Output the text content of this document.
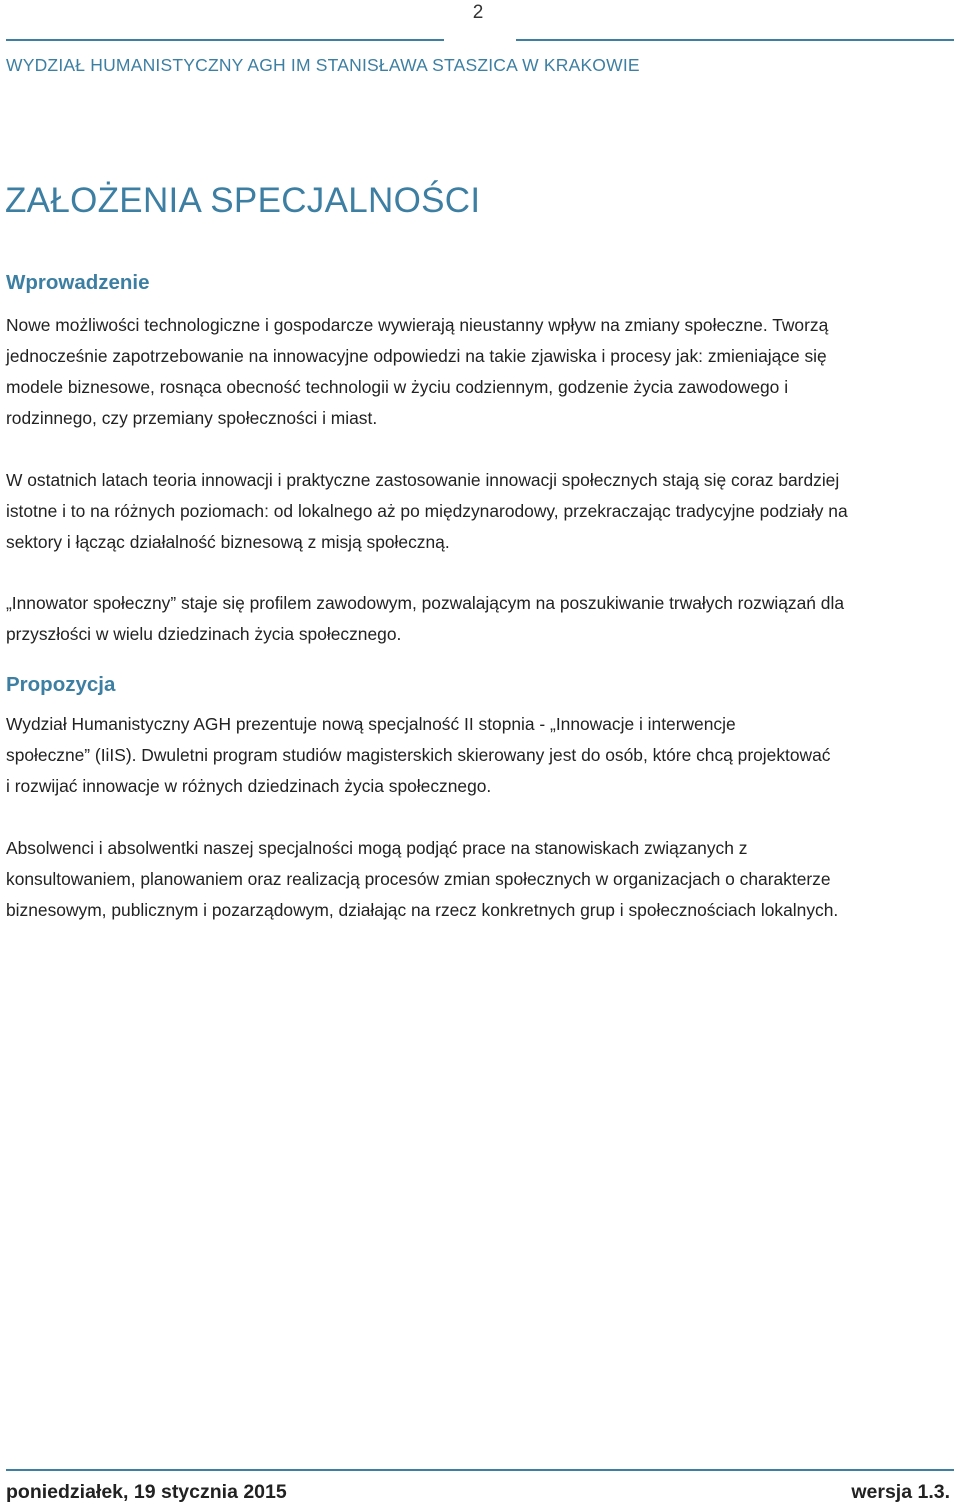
2
WYDZIAŁ HUMANISTYCZNY AGH IM STANISŁAWA STASZICA W KRAKOWIE
ZAŁOŻENIA SPECJALNOŚCI
Wprowadzenie

Nowe możliwości technologiczne i gospodarcze wywierają nieustanny wpływ na zmiany społeczne. Tworzą
jednocześnie zapotrzebowanie na innowacyjne odpowiedzi na takie zjawiska i procesy jak: zmieniające się
modele biznesowe, rosnąca obecność technologii w życiu codziennym, godzenie życia zawodowego i
rodzinnego, czy przemiany społeczności i miast.

W ostatnich latach teoria innowacji i praktyczne zastosowanie innowacji społecznych stają się coraz bardziej
istotne i to na różnych poziomach: od lokalnego aż po międzynarodowy, przekraczając tradycyjne podziały na
sektory i łącząc działalność biznesową z misją społeczną.

„Innowator społeczny” staje się profilem zawodowym, pozwalającym na poszukiwanie trwałych rozwiązań dla
przyszłości w wielu dziedzinach życia społecznego.

Propozycja

Wydział Humanistyczny AGH prezentuje nową specjalność II stopnia - „Innowacje i interwencje
społeczne” (IiIS). Dwuletni program studiów magisterskich skierowany jest do osób, które chcą projektować
i rozwijać innowacje w różnych dziedzinach życia społecznego.

Absolwenci i absolwentki naszej specjalności mogą podjąć prace na stanowiskach związanych z
konsultowaniem, planowaniem oraz realizacją procesów zmian społecznych w organizacjach o charakterze
biznesowym, publicznym i pozarządowym, działając na rzecz konkretnych grup i społecznościach lokalnych.

poniedziałek, 19 stycznia 2015	wersja 1.3.
